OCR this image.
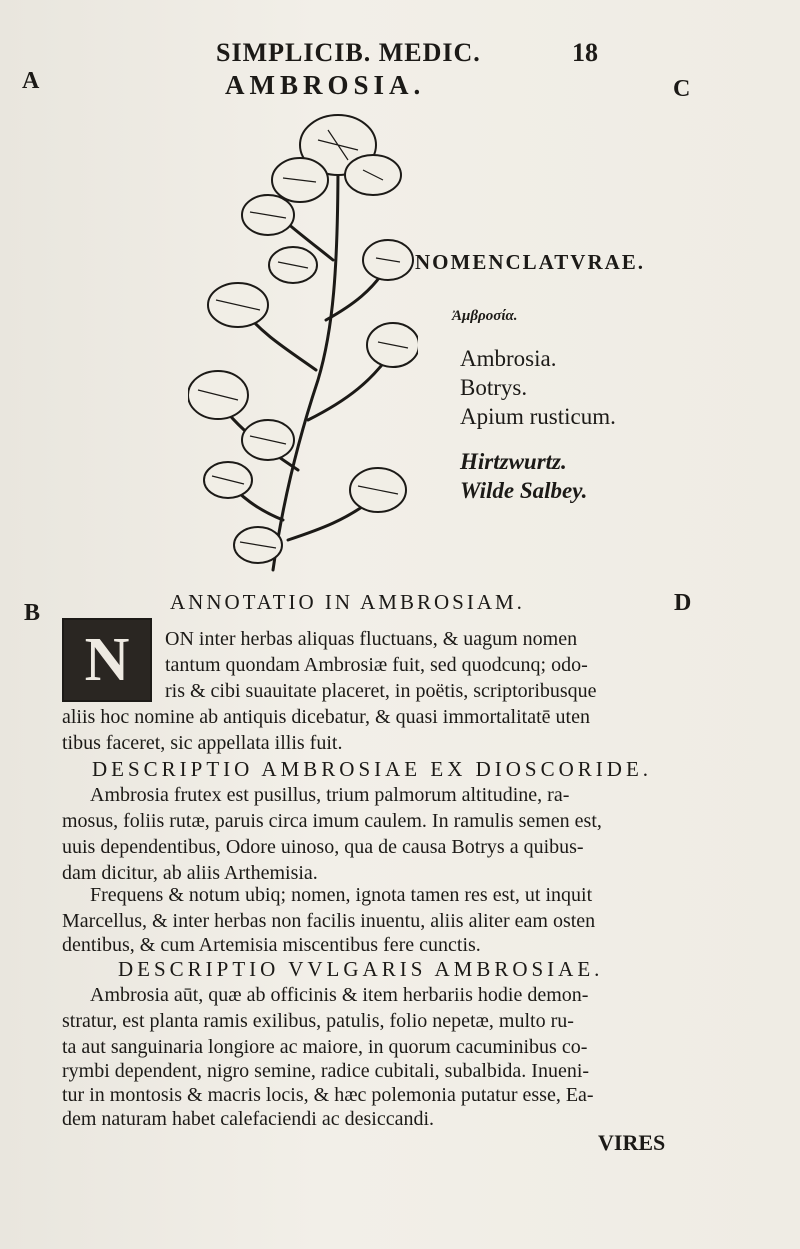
SIMPLICIB. MEDIC.	18
AMBROSIA.
A	C
B	D
NOMENCLATVRAE.
Ἀμβροσία.
Ambrosia.
Botrys.
Apium rusticum.
Hirtzwurtz.
Wilde Salbey.
ANNOTATIO IN AMBROSIAM.
N	ON inter herbas aliquas fluctuans, & uagum nomen
tantum quondam Ambrosiæ fuit, sed quodcunq; odo-
ris & cibi suauitate placeret, in poëtis, scriptoribusque
aliis hoc nomine ab antiquis dicebatur, & quasi immortalitatē uten
tibus faceret, sic appellata illis fuit.
DESCRIPTIO AMBROSIAE EX DIOSCORIDE.
Ambrosia frutex est pusillus, trium palmorum altitudine, ra-
mosus, foliis rutæ, paruis circa imum caulem. In ramulis semen est,
uuis dependentibus, Odore uinoso, qua de causa Botrys a quibus-
dam dicitur, ab aliis Arthemisia.
Frequens & notum ubiq; nomen, ignota tamen res est, ut inquit
Marcellus, & inter herbas non facilis inuentu, aliis aliter eam osten
dentibus, & cum Artemisia miscentibus fere cunctis.
DESCRIPTIO VVLGARIS AMBROSIAE.
Ambrosia aūt, quæ ab officinis & item herbariis hodie demon-
stratur, est planta ramis exilibus, patulis, folio nepetæ, multo ru-
ta aut sanguinaria longiore ac maiore, in quorum cacuminibus co-
rymbi dependent, nigro semine, radice cubitali, subalbida. Inueni-
tur in montosis & macris locis, & hæc polemonia putatur esse, Ea-
dem naturam habet calefaciendi ac desiccandi.
VIRES
